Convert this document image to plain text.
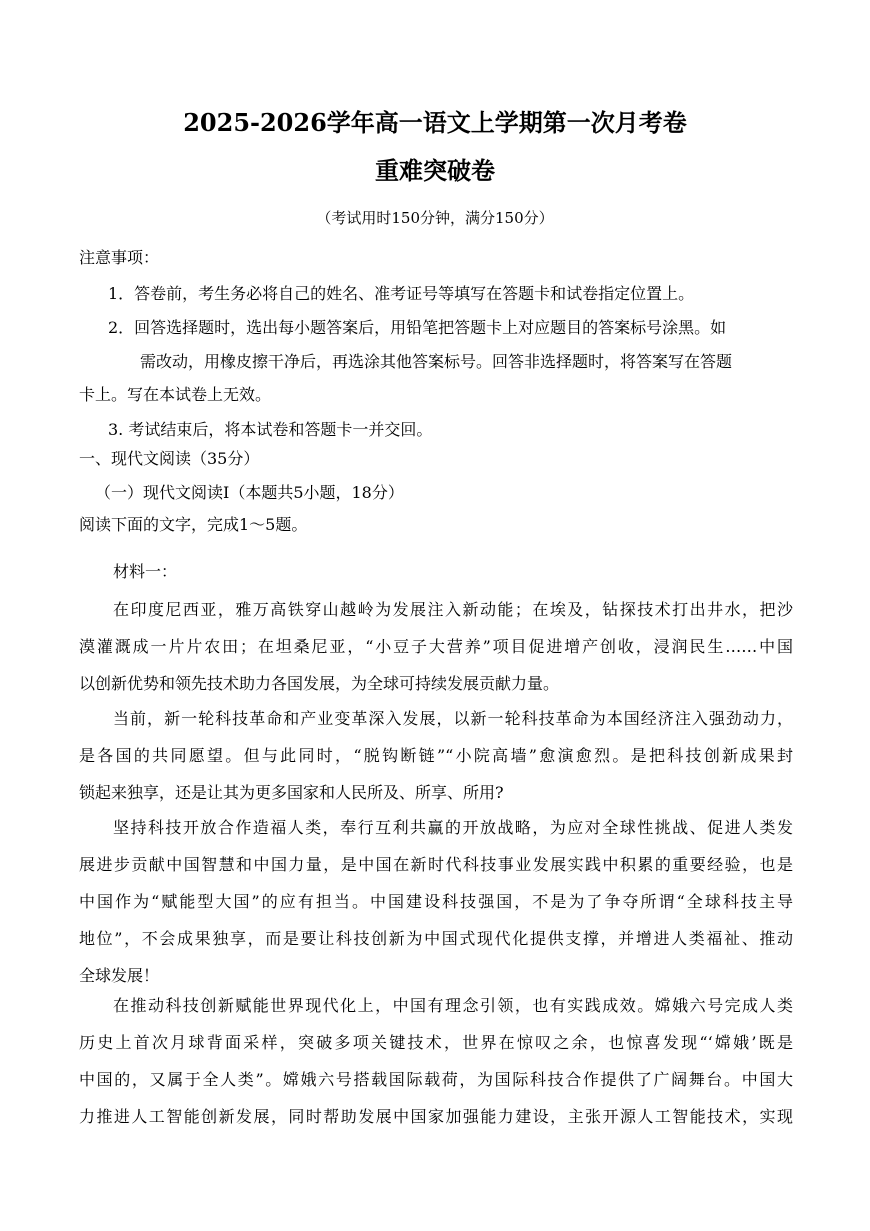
2025-2026学年高一语文上学期第一次月考卷
重难突破卷
（考试用时150分钟，满分150分）
注意事项：
1．答卷前，考生务必将自己的姓名、准考证号等填写在答题卡和试卷指定位置上。
2．回答选择题时，选出每小题答案后，用铅笔把答题卡上对应题目的答案标号涂黑。如
需改动，用橡皮擦干净后，再选涂其他答案标号。回答非选择题时，将答案写在答题
卡上。写在本试卷上无效。
3. 考试结束后，将本试卷和答题卡一并交回。
一、现代文阅读（35分）
（一）现代文阅读Ⅰ（本题共5小题，18分）
阅读下面的文字，完成1～5题。
材料一：
在印度尼西亚，雅万高铁穿山越岭为发展注入新动能；在埃及，钻探技术打出井水，把沙
漠灌溉成一片片农田；在坦桑尼亚，“小豆子大营养”项目促进增产创收，浸润民生……中国
以创新优势和领先技术助力各国发展，为全球可持续发展贡献力量。
当前，新一轮科技革命和产业变革深入发展，以新一轮科技革命为本国经济注入强劲动力，
是各国的共同愿望。但与此同时，“脱钩断链”“小院高墙”愈演愈烈。是把科技创新成果封
锁起来独享，还是让其为更多国家和人民所及、所享、所用?
坚持科技开放合作造福人类，奉行互利共赢的开放战略，为应对全球性挑战、促进人类发
展进步贡献中国智慧和中国力量，是中国在新时代科技事业发展实践中积累的重要经验，也是
中国作为“赋能型大国”的应有担当。中国建设科技强国，不是为了争夺所谓“全球科技主导
地位”，不会成果独享，而是要让科技创新为中国式现代化提供支撑，并增进人类福祉、推动
全球发展！
在推动科技创新赋能世界现代化上，中国有理念引领，也有实践成效。嫦娥六号完成人类
历史上首次月球背面采样，突破多项关键技术，世界在惊叹之余，也惊喜发现“‘嫦娥’既是
中国的，又属于全人类”。嫦娥六号搭载国际载荷，为国际科技合作提供了广阔舞台。中国大
力推进人工智能创新发展，同时帮助发展中国家加强能力建设，主张开源人工智能技术，实现
